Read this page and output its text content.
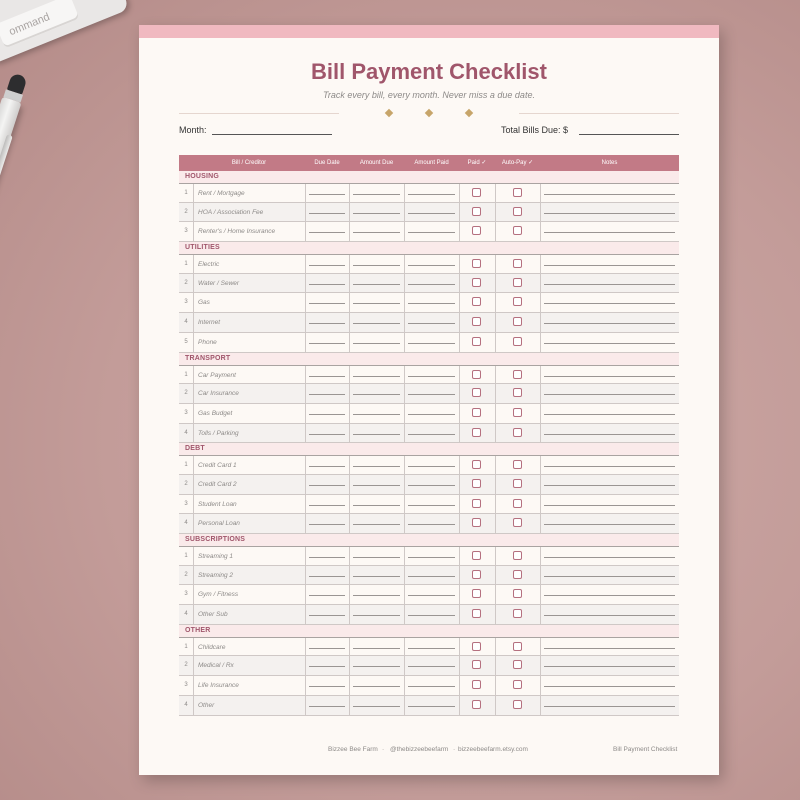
ommand
Bill Payment Checklist
Track every bill, every month. Never miss a due date.
Month:	Total Bills Due: $
Bill / Creditor	Due Date	Amount Due	Amount Paid	Paid ✓	Auto-Pay ✓	Notes
HOUSING
1	Rent / Mortgage
2	HOA / Association Fee
3	Renter's / Home Insurance
UTILITIES
1	Electric
2	Water / Sewer
3	Gas
4	Internet
5	Phone
TRANSPORT
1	Car Payment
2	Car Insurance
3	Gas Budget
4	Tolls / Parking
DEBT
1	Credit Card 1
2	Credit Card 2
3	Student Loan
4	Personal Loan
SUBSCRIPTIONS
1	Streaming 1
2	Streaming 2
3	Gym / Fitness
4	Other Sub
OTHER
1	Childcare
2	Medical / Rx
3	Life Insurance
4	Other
Bizzee Bee Farm · @thebizzeebeefarm · bizzeebeefarm.etsy.com	Bill Payment Checklist
